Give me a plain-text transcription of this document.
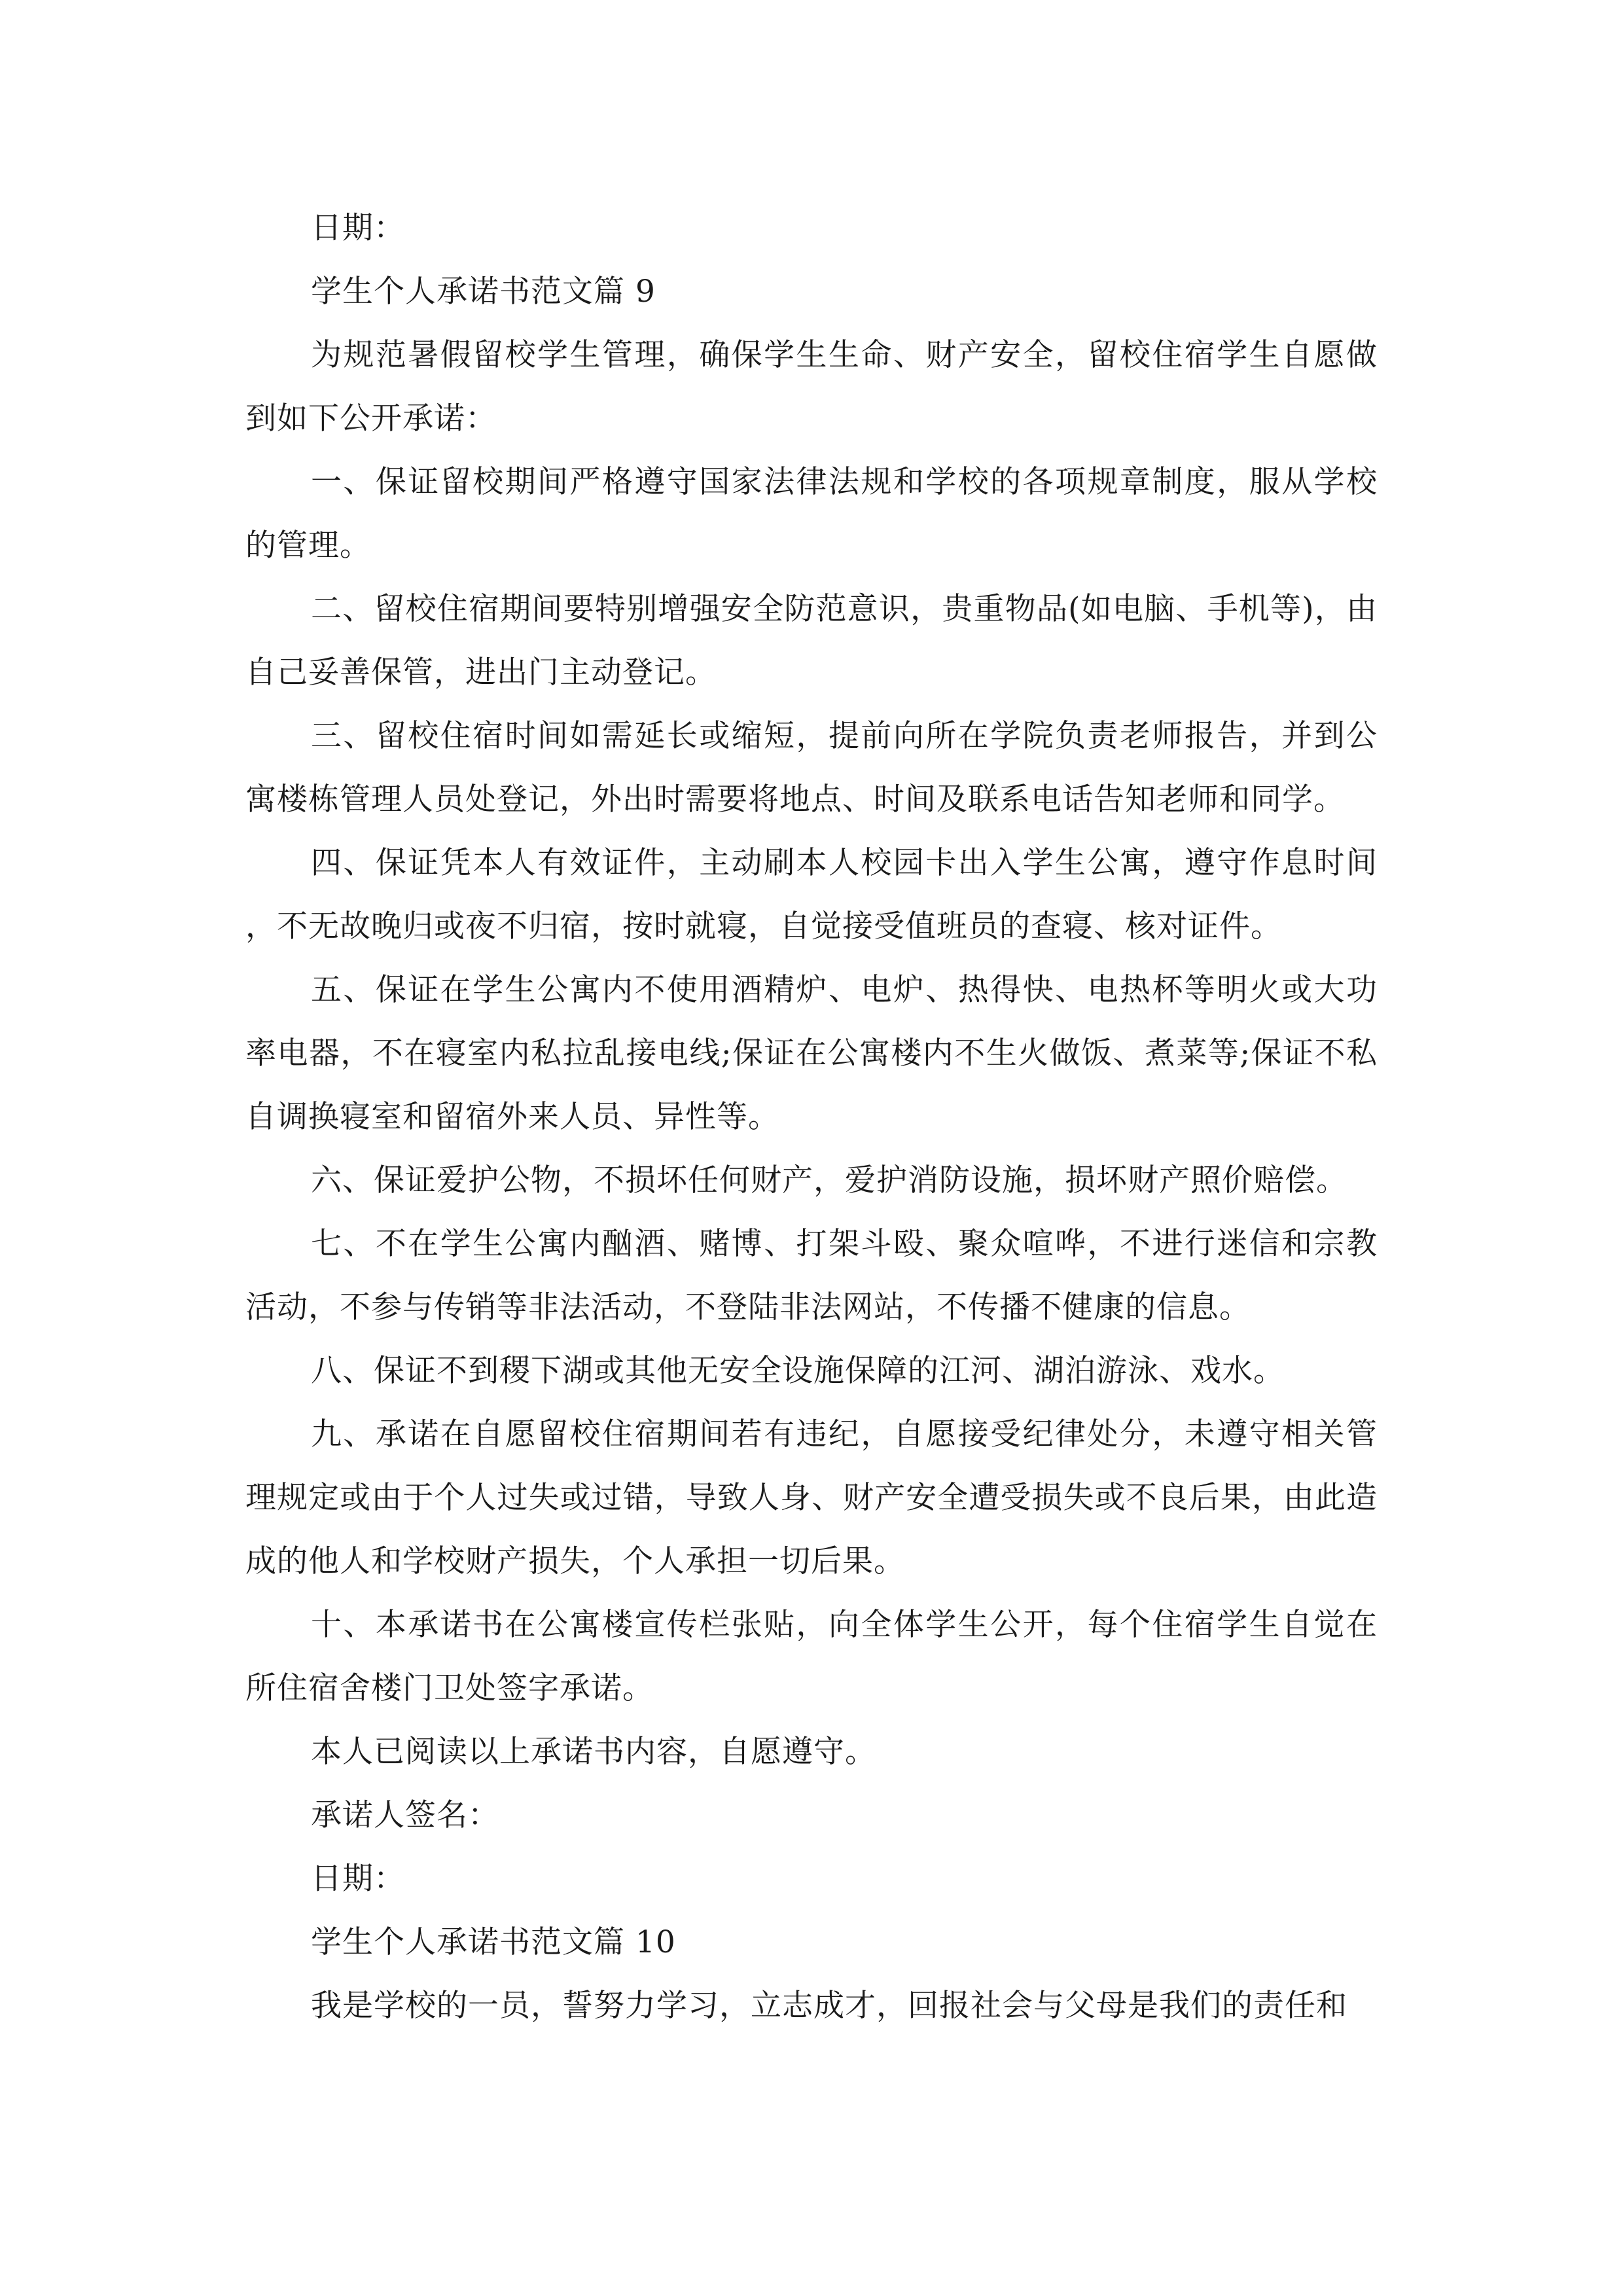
日期：

学生个人承诺书范文篇 9

为规范暑假留校学生管理，确保学生生命、财产安全，留校住宿学生自愿做到如下公开承诺：

一、保证留校期间严格遵守国家法律法规和学校的各项规章制度，服从学校的管理。

二、留校住宿期间要特别增强安全防范意识，贵重物品(如电脑、手机等)，由自己妥善保管，进出门主动登记。

三、留校住宿时间如需延长或缩短，提前向所在学院负责老师报告，并到公寓楼栋管理人员处登记，外出时需要将地点、时间及联系电话告知老师和同学。

四、保证凭本人有效证件，主动刷本人校园卡出入学生公寓，遵守作息时间，不无故晚归或夜不归宿，按时就寝，自觉接受值班员的查寝、核对证件。

五、保证在学生公寓内不使用酒精炉、电炉、热得快、电热杯等明火或大功率电器，不在寝室内私拉乱接电线;保证在公寓楼内不生火做饭、煮菜等;保证不私自调换寝室和留宿外来人员、异性等。

六、保证爱护公物，不损坏任何财产，爱护消防设施，损坏财产照价赔偿。

七、不在学生公寓内酗酒、赌博、打架斗殴、聚众喧哗，不进行迷信和宗教活动，不参与传销等非法活动，不登陆非法网站，不传播不健康的信息。

八、保证不到稷下湖或其他无安全设施保障的江河、湖泊游泳、戏水。

九、承诺在自愿留校住宿期间若有违纪，自愿接受纪律处分，未遵守相关管理规定或由于个人过失或过错，导致人身、财产安全遭受损失或不良后果，由此造成的他人和学校财产损失，个人承担一切后果。

十、本承诺书在公寓楼宣传栏张贴，向全体学生公开，每个住宿学生自觉在所住宿舍楼门卫处签字承诺。

本人已阅读以上承诺书内容，自愿遵守。

承诺人签名：

日期：

学生个人承诺书范文篇 10

我是学校的一员，誓努力学习，立志成才，回报社会与父母是我们的责任和
